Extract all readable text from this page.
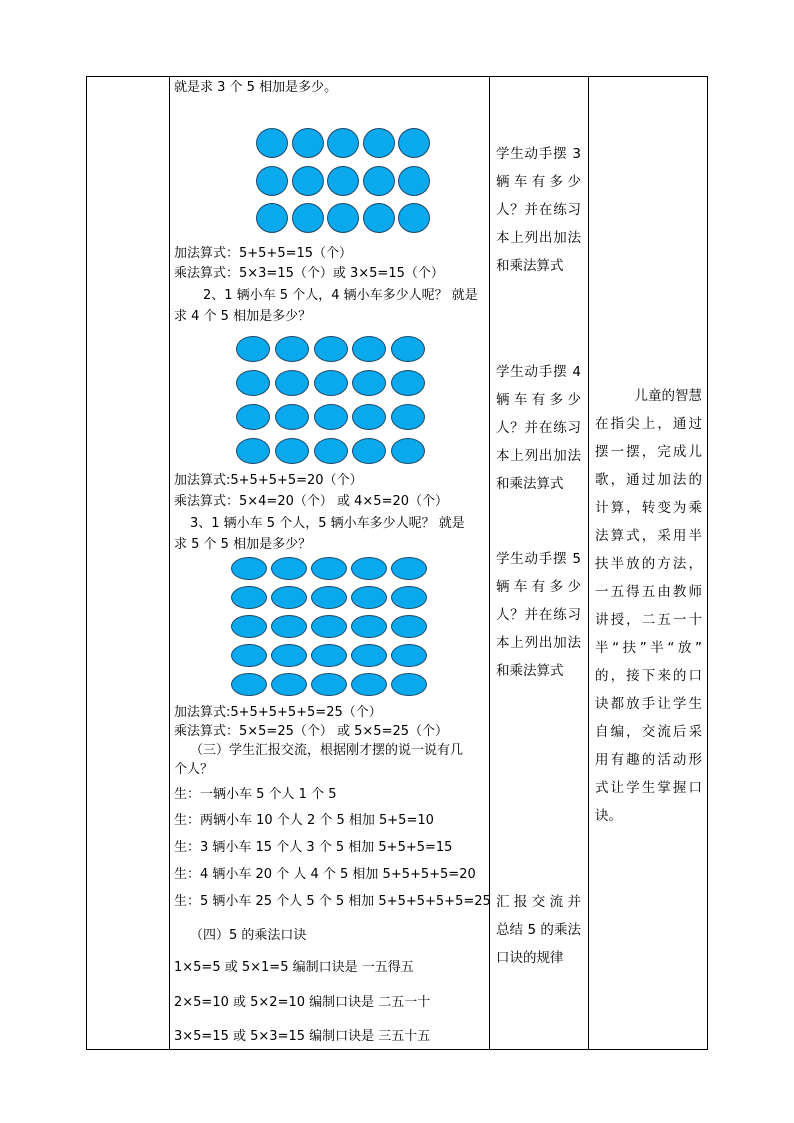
就是求 3 个 5 相加是多少。
加法算式：5+5+5=15（个）
乘法算式：5×3=15（个）或 3×5=15（个）
2、1 辆小车 5 个人，4 辆小车多少人呢？ 就是
求 4 个 5 相加是多少？
加法算式:5+5+5+5=20（个）
乘法算式：5×4=20（个） 或 4×5=20（个）
3、1 辆小车 5 个人，5 辆小车多少人呢？ 就是
求 5 个 5 相加是多少？
加法算式:5+5+5+5+5=25（个）
乘法算式：5×5=25（个） 或 5×5=25（个）
（三）学生汇报交流，根据刚才摆的说一说有几
个人？
生：一辆小车 5 个人 1 个 5
生：两辆小车 10 个人 2 个 5 相加 5+5=10
生：3 辆小车 15 个人 3 个 5 相加 5+5+5=15
生：4 辆小车 20 个 人 4 个 5 相加 5+5+5+5=20
生：5 辆小车 25 个人 5 个 5 相加 5+5+5+5+5=25
（四）5 的乘法口诀
1×5=5 或 5×1=5 编制口诀是 一五得五
2×5=10 或 5×2=10 编制口诀是 二五一十
3×5=15 或 5×3=15 编制口诀是 三五十五
学生动手摆 3
辆车有多少
人？并在练习
本上列出加法
和乘法算式
学生动手摆 4
辆车有多少
人？并在练习
本上列出加法
和乘法算式
学生动手摆 5
辆车有多少
人？并在练习
本上列出加法
和乘法算式
汇报交流并
总结 5 的乘法
口诀的规律
儿童的智慧
在指尖上，通过
摆一摆，完成儿
歌，通过加法的
计算，转变为乘
法算式，采用半
扶半放的方法，
一五得五由教师
讲授，二五一十
半“扶”半“放”
的，接下来的口
诀都放手让学生
自编，交流后采
用有趣的活动形
式让学生掌握口
诀。
